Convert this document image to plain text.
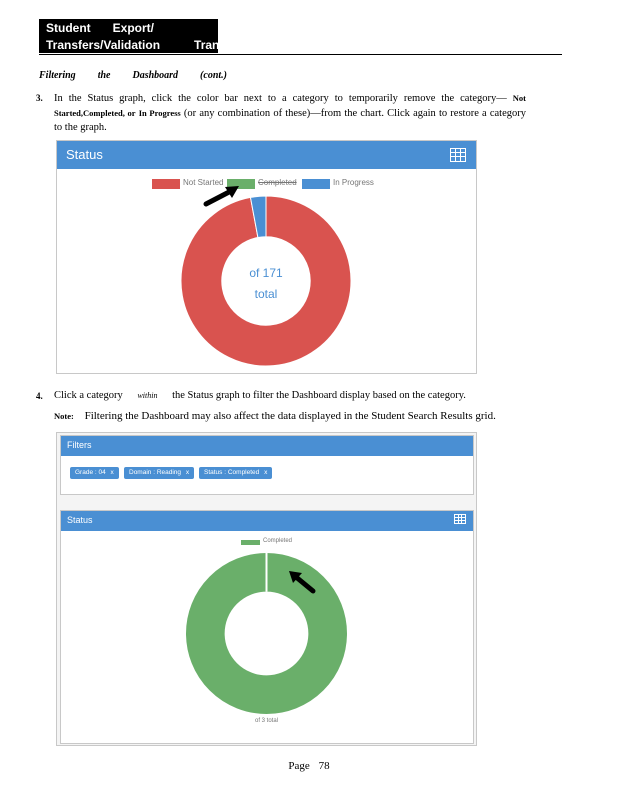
Student Export/
Transfers/Validation	Transfe
Filtering the Dashboard (cont.)
3. In the Status graph, click the color bar next to a category to temporarily remove the category— Not Started,Completed, or In Progress (or any combination of these)—from the chart. Click again to restore a category to the graph.
Status
Not Started	Completed	In Progress
of 171
total
4. Click a category within the Status graph to filter the Dashboard display based on the category.
Note: Filtering the Dashboard may also affect the data displayed in the Student Search Results grid.
Filters
Grade : 04 x	Domain : Reading x	Status : Completed x
Status
Completed
of 3 total
Page 78
